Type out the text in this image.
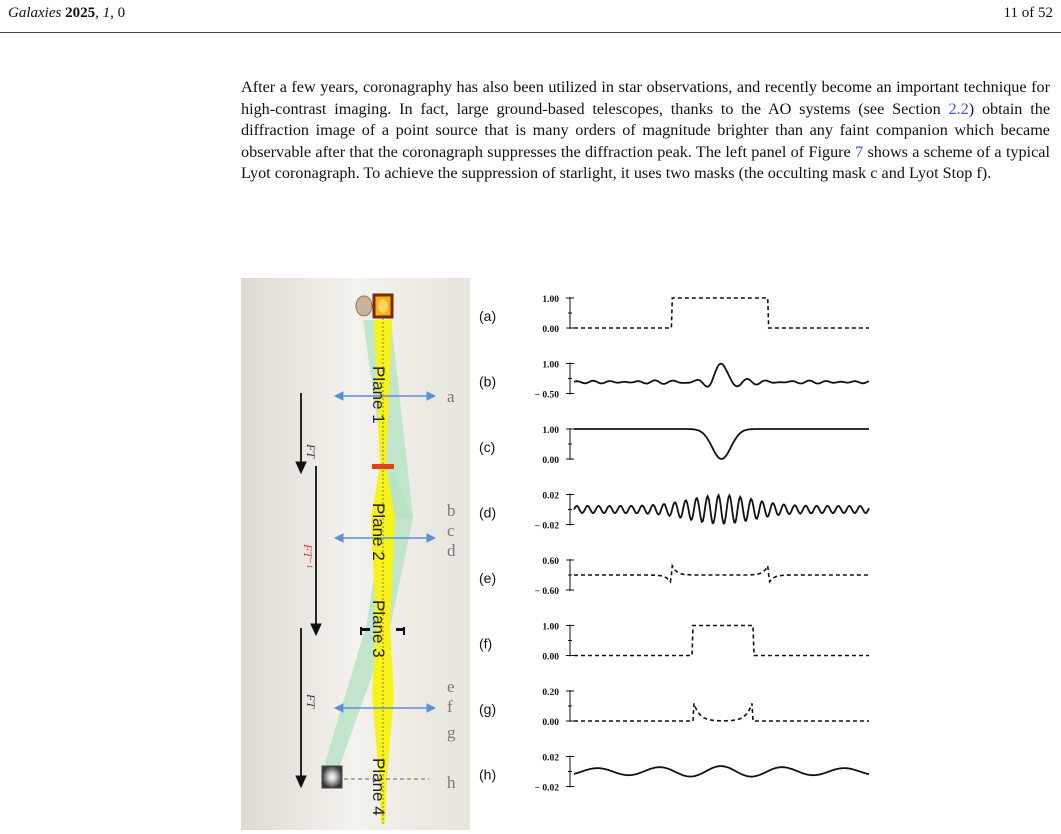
Galaxies 2025, 1, 0	11 of 52
After a few years, coronagraphy has also been utilized in star observations, and recently become an important technique for high-contrast imaging. In fact, large ground-based telescopes, thanks to the AO systems (see Section 2.2) obtain the diffraction image of a point source that is many orders of magnitude brighter than any faint companion which became observable after that the coronagraph suppresses the diffraction peak. The left panel of Figure 7 shows a scheme of a typical Lyot coronagraph. To achieve the suppression of starlight, it uses two masks (the occulting mask c and Lyot Stop f).
FT
FT⁻¹
FT
Plane 1
Plane 2
Plane 3
Plane 4
a
b
c
d
e
f
g
h
(a)
1.00
0.00
(b)
1.00
− 0.50
(c)
1.00
0.00
(d)
0.02
− 0.02
(e)
0.60
− 0.60
(f)
1.00
0.00
(g)
0.20
0.00
(h)
0.02
− 0.02
